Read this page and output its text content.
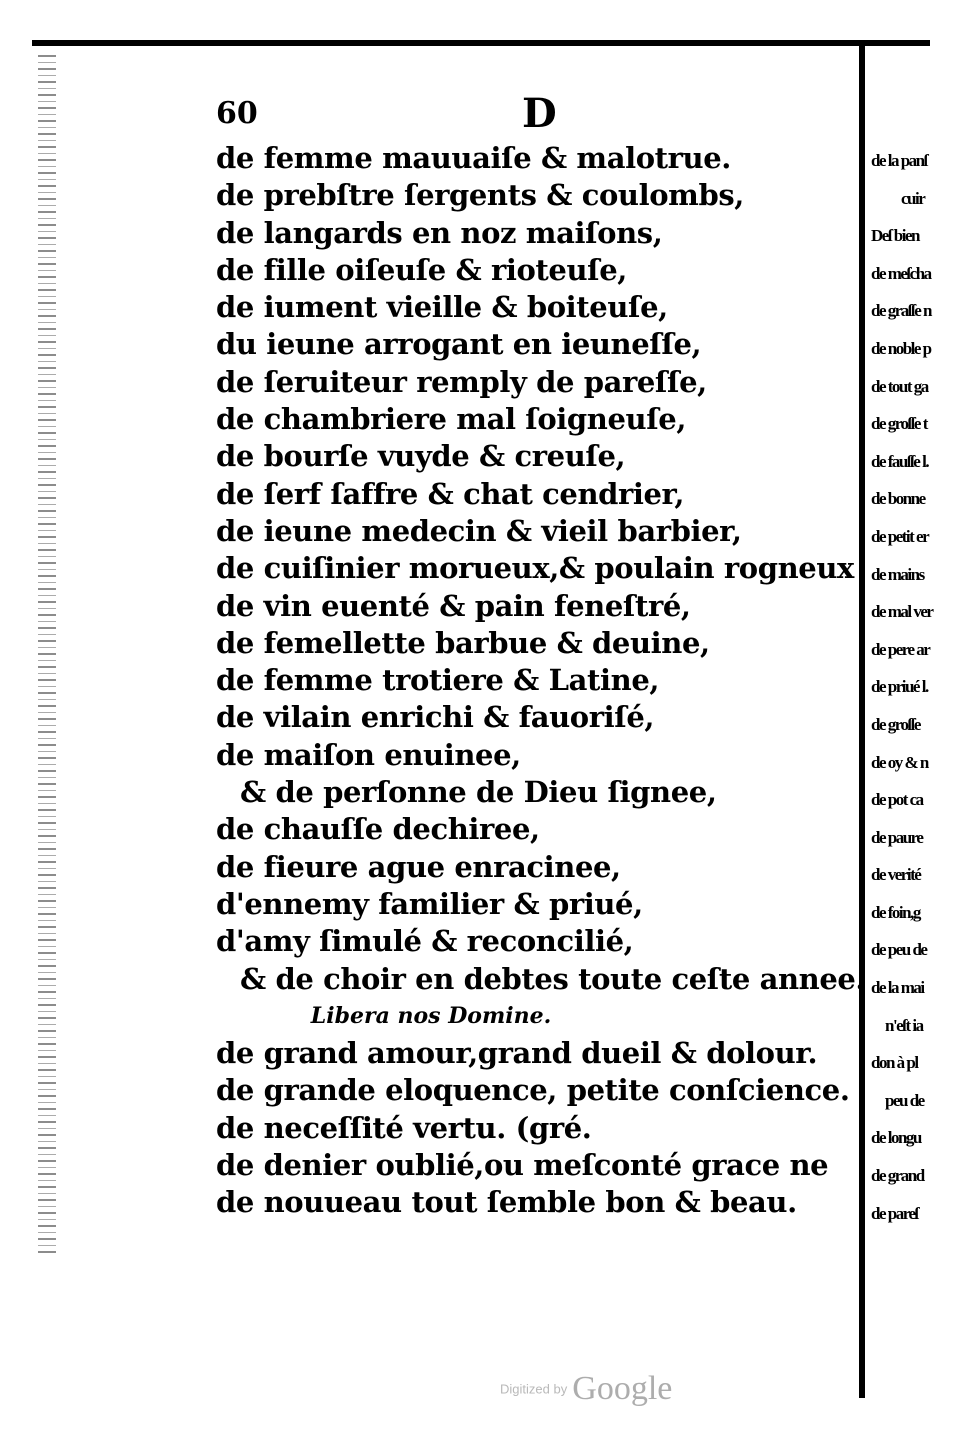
60	D
de femme mauuaiſe & malotrue.
de prebſtre ſergents & coulombs,
de langards en noz maiſons,
de fille oiſeuſe & rioteuſe,
de iument vieille & boiteuſe,
du ieune arrogant en ieuneſſe,
de ſeruiteur remply de pareſſe,
de chambriere mal ſoigneuſe,
de bourſe vuyde & creuſe,
de ſerf ſaffre & chat cendrier,
de ieune medecin & vieil barbier,
de cuiſinier morueux,& poulain rogneux
de vin euenté & pain feneſtré,
de femellette barbue & deuine,
de femme trotiere & Latine,
de vilain enrichi & fauoriſé,
de maiſon enuinee,
& de perſonne de Dieu ſignee,
de chauſſe dechiree,
de fieure ague enracinee,
d'ennemy familier & priué,
d'amy ſimulé & reconcilié,
& de choir en debtes toute ceſte annee.
Libera nos Domine.
de grand amour,grand dueil & dolour.
de grande eloquence, petite conſcience.
de neceſſité vertu. (gré.
de denier oublié,ou meſconté grace ne
de nouueau tout ſemble bon & beau.
de la panſ
cuir
Deſ bien
de meſcha
de graſſe n
de noble p
de tout ga
de groſſe t
de fauſſe l.
de bonne
de petit er
de mains
de mal ver
de pere ar
de priué l.
de groſſe
de oy & n
de pot ca
de paure
de verité
de foin,g
de peu de
de la mai
n'eſt ia
don à pl
peu de
de longu
de grand
de pareſ
Digitized by Google
